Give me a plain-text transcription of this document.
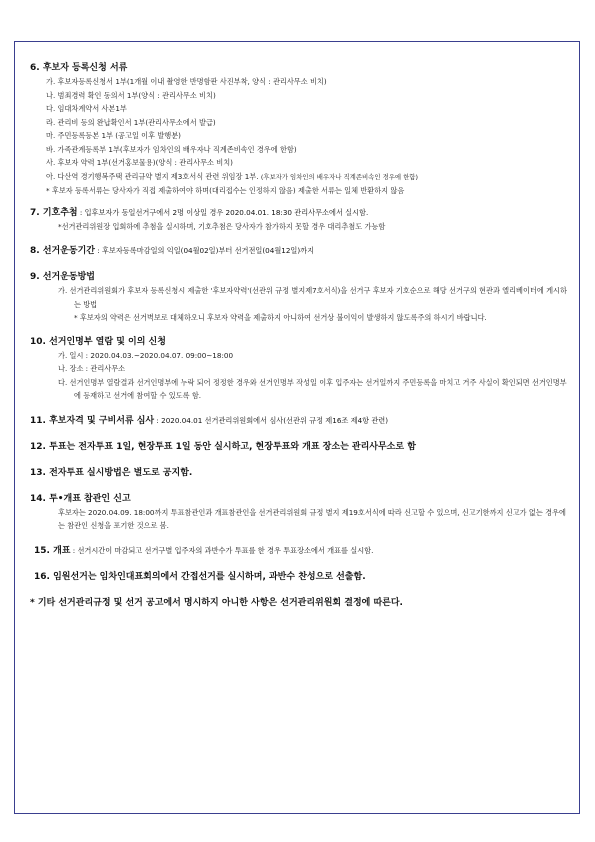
6. 후보자 등록신청 서류
가. 후보자등록신청서 1부(1개월 이내 촬영한 반명함판 사진부착, 양식 : 관리사무소 비치)
나. 범죄경력 확인 동의서 1부(양식 : 관리사무소 비치)
다. 임대차계약서 사본1부
라. 관리비 등의 완납확인서 1부(관리사무소에서 발급)
마. 주민등록등본 1부 (공고일 이후 발행분)
바. 가족관계등록부 1부(후보자가 임차인의 배우자나 직계존비속인 경우에 한함)
사. 후보자 약력 1부(선거홍보물용)(양식 : 관리사무소 비치)
아. 다산역 경기행복주택 관리규약 별지 제3호서식 관련 위임장 1부. (후보자가 임차인의 배우자나 직계존비속인 경우에 한함)
* 후보자 등록서류는 당사자가 직접 제출하여야 하며(대리접수는 인정하지 않음) 제출한 서류는 일체 반환하지 않음
7. 기호추첨 : 입후보자가 동일선거구에서 2명 이상일 경우 2020.04.01. 18:30 관리사무소에서 실시함.
*선거관리위원장 입회하에 추첨을 실시하며, 기호추첨은 당사자가 참가하지 못할 경우 대리추첨도 가능함
8. 선거운동기간 : 후보자등록마감일의 익일(04월02일)부터 선거전일(04월12일)까지
9. 선거운동방법
가. 선거관리위원회가 후보자 등록신청시 제출한 '후보자약력'(선관위 규정 별지제7호서식)을 선거구 후보자 기호순으로 해당 선거구의 현관과 엘리베이터에 게시하는 방법
* 후보자의 약력은 선거벽보로 대체하오니 후보자 약력을 제출하지 아니하여 선거상 불이익이 발생하지 않도록주의 하시기 바랍니다.
10. 선거인명부 열람 및 이의 신청
가. 일시 : 2020.04.03.~2020.04.07. 09:00~18:00
나. 장소 : 관리사무소
다. 선거인명부 열람결과 선거인명부에 누락 되어 정정한 경우와 선거인명부 작성일 이후 입주자는 선거일까지 주민등록을 마치고 거주 사실이 확인되면 선거인명부에 등재하고 선거에 참여할 수 있도록 함.
11. 후보자격 및 구비서류 심사 : 2020.04.01 선거관리위원회에서 심사(선관위 규정 제16조 제4항 관련)
12. 투표는 전자투표 1일, 현장투표 1일 동안 실시하고, 현장투표와 개표 장소는 관리사무소로 함
13. 전자투표 실시방법은 별도로 공지함.
14. 투•개표 참관인 신고
후보자는 2020.04.09. 18:00까지 투표참관인과 개표참관인을 선거관리위원회 규정 별지 제19호서식에 따라 신고할 수 있으며, 신고기한까지 신고가 없는 경우에는 참관인 신청을 포기한 것으로 봄.
15. 개표 : 선거시간이 마감되고 선거구별 입주자의 과반수가 투표를 한 경우 투표장소에서 개표를 실시함.
16. 임원선거는 임차인대표회의에서 간접선거를 실시하며, 과반수 찬성으로 선출함.
* 기타 선거관리규정 및 선거 공고에서 명시하지 아니한 사항은 선거관리위원회 결정에 따른다.
